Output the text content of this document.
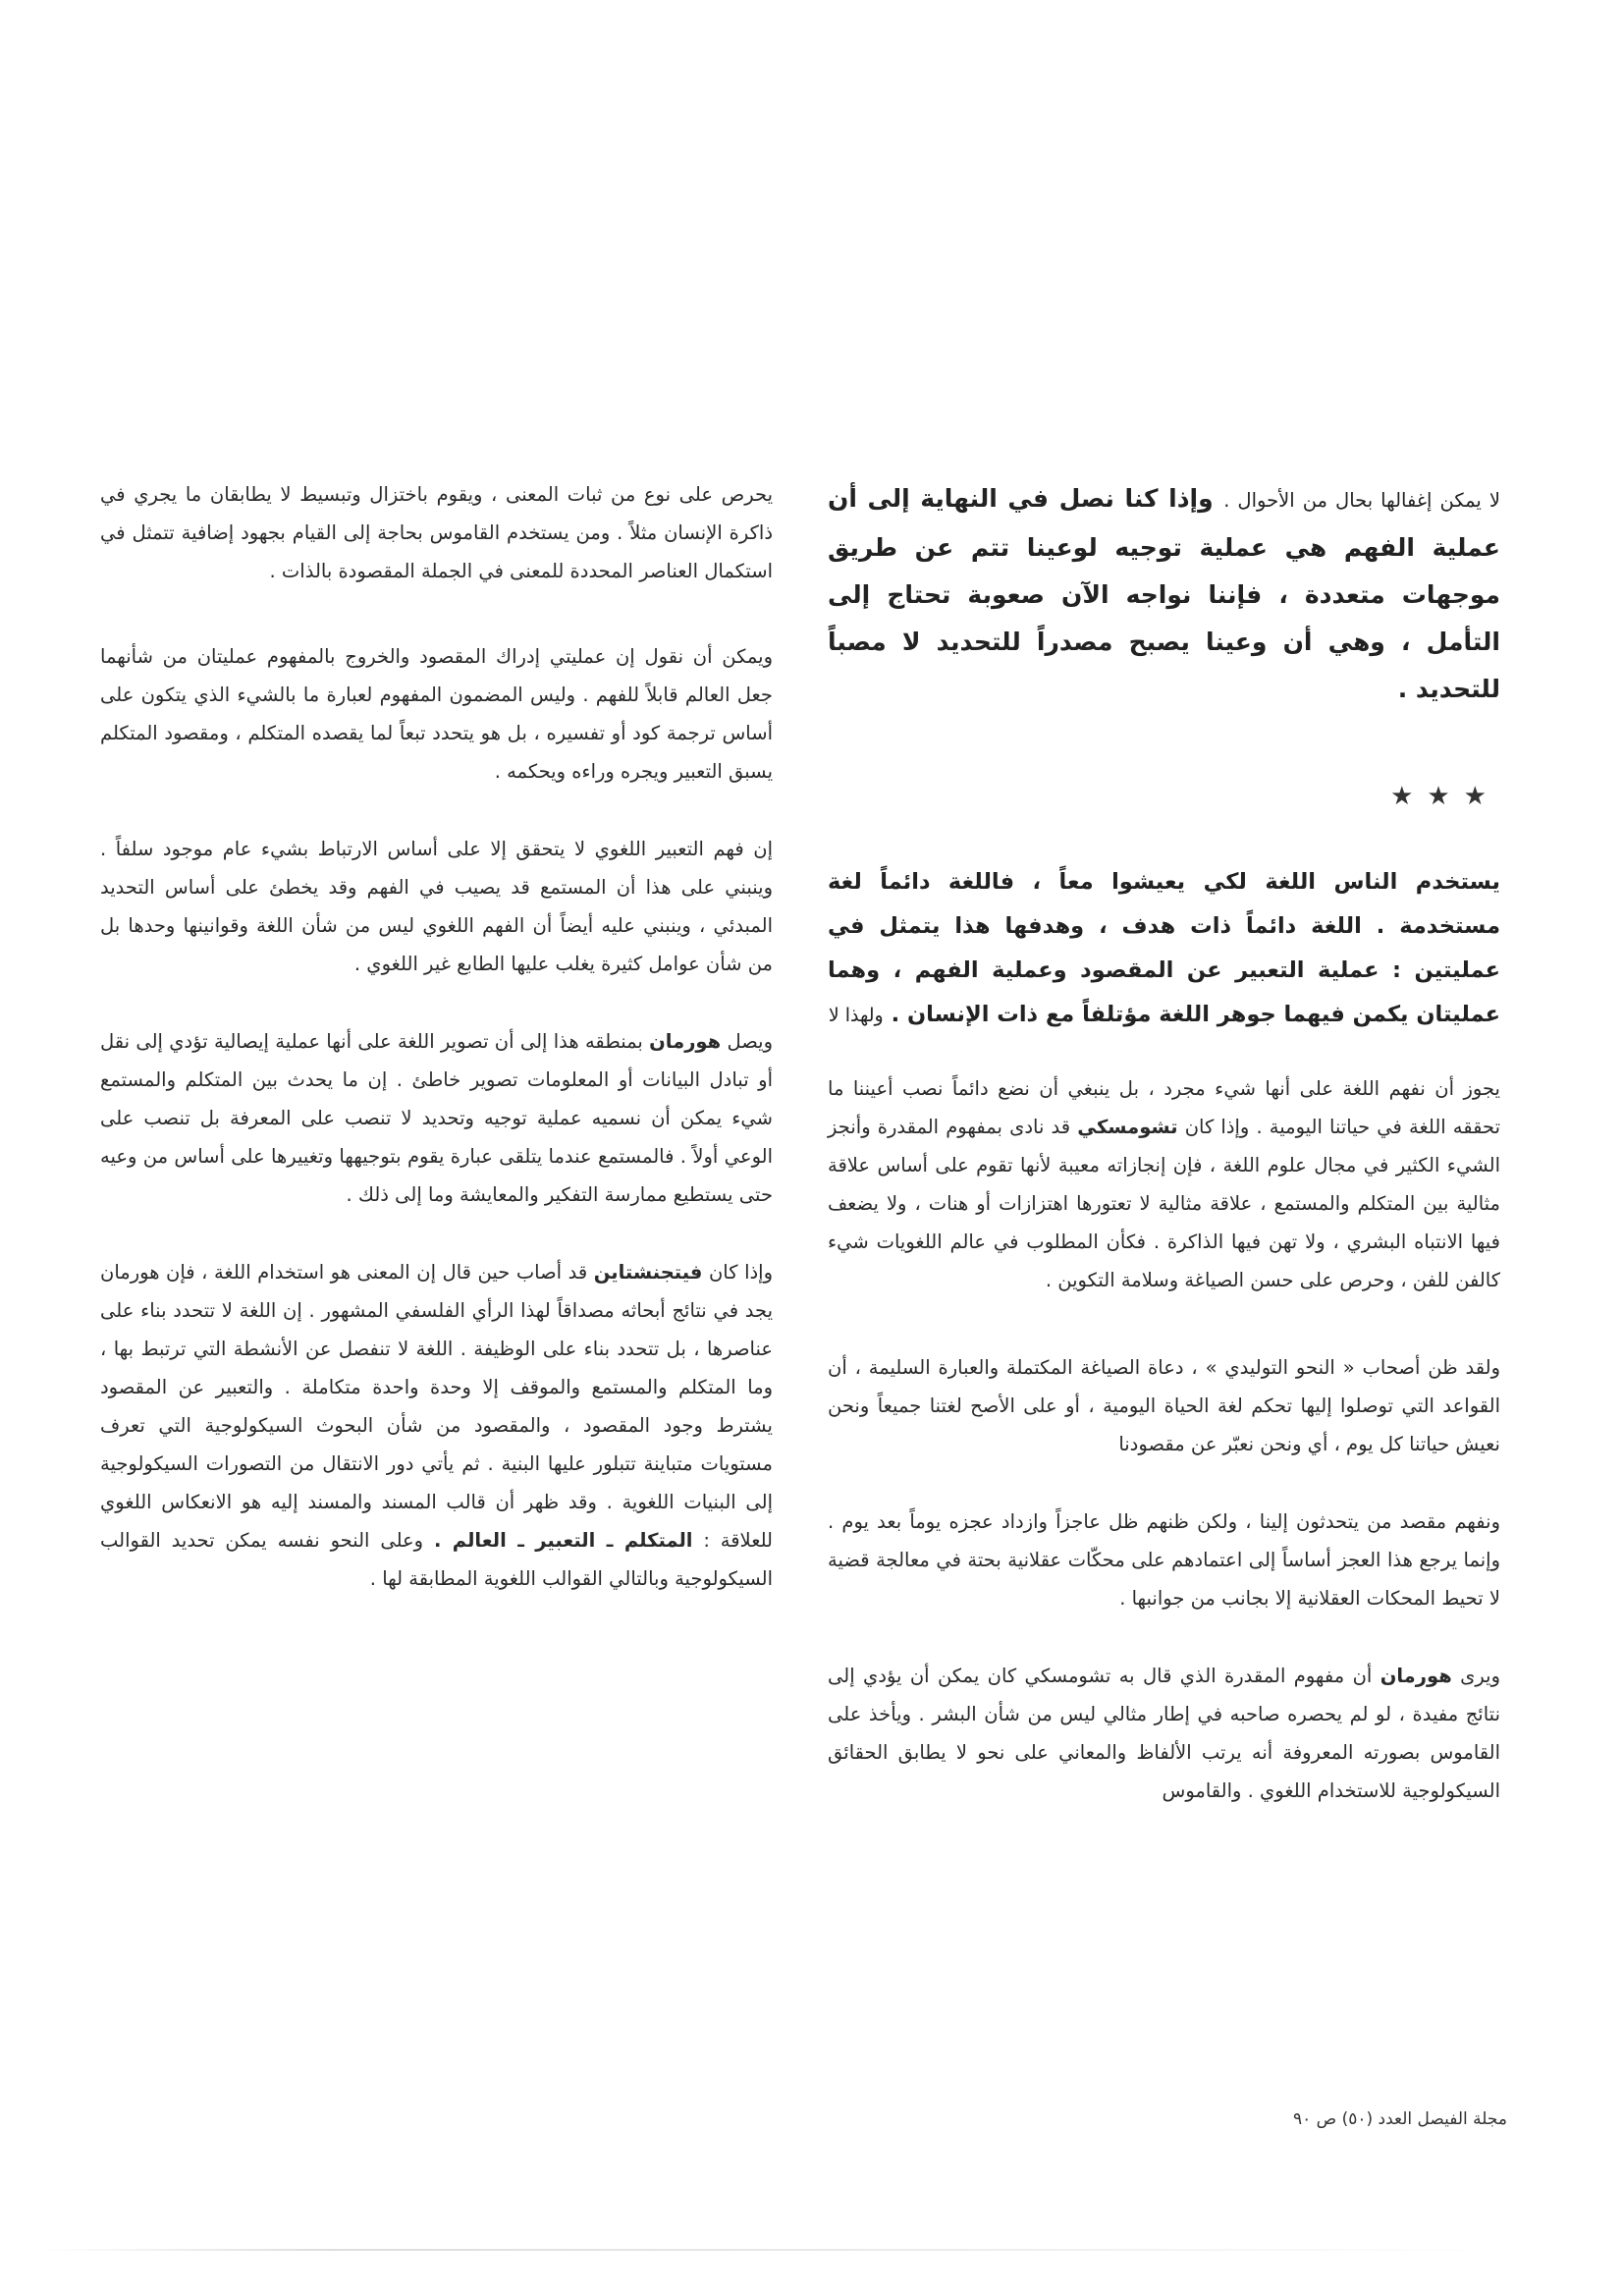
لا يمكن إغفالها بحال من الأحوال . وإذا كنا نصل في النهاية إلى أن عملية الفهم هي عملية توجيه لوعينا تتم عن طريق موجهات متعددة ، فإننا نواجه الآن صعوبة تحتاج إلى التأمل ، وهي أن وعينا يصبح مصدراً للتحديد لا مصباً للتحديد .

★★★

يستخدم الناس اللغة لكي يعيشوا معاً ، فاللغة دائماً لغة مستخدمة . اللغة دائماً ذات هدف ، وهدفها هذا يتمثل في عمليتين : عملية التعبير عن المقصود وعملية الفهم ، وهما عمليتان يكمن فيهما جوهر اللغة مؤتلفاً مع ذات الإنسان . ولهذا لا

يجوز أن نفهم اللغة على أنها شيء مجرد ، بل ينبغي أن نضع دائماً نصب أعيننا ما تحققه اللغة في حياتنا اليومية . وإذا كان تشومسكي قد نادى بمفهوم المقدرة وأنجز الشيء الكثير في مجال علوم اللغة ، فإن إنجازاته معيبة لأنها تقوم على أساس علاقة مثالية بين المتكلم والمستمع ، علاقة مثالية لا تعتورها اهتزازات أو هنات ، ولا يضعف فيها الانتباه البشري ، ولا تهن فيها الذاكرة . فكأن المطلوب في عالم اللغويات شيء كالفن للفن ، وحرص على حسن الصياغة وسلامة التكوين .

ولقد ظن أصحاب « النحو التوليدي » ، دعاة الصياغة المكتملة والعبارة السليمة ، أن القواعد التي توصلوا إليها تحكم لغة الحياة اليومية ، أو على الأصح لغتنا جميعاً ونحن نعيش حياتنا كل يوم ، أي ونحن نعبّر عن مقصودنا

ونفهم مقصد من يتحدثون إلينا ، ولكن ظنهم ظل عاجزاً وازداد عجزه يوماً بعد يوم . وإنما يرجع هذا العجز أساساً إلى اعتمادهم على محكّات عقلانية بحتة في معالجة قضية لا تحيط المحكات العقلانية إلا بجانب من جوانبها .

ويرى هورمان أن مفهوم المقدرة الذي قال به تشومسكي كان يمكن أن يؤدي إلى نتائج مفيدة ، لو لم يحصره صاحبه في إطار مثالي ليس من شأن البشر . ويأخذ على القاموس بصورته المعروفة أنه يرتب الألفاظ والمعاني على نحو لا يطابق الحقائق السيكولوجية للاستخدام اللغوي . والقاموس

يحرص على نوع من ثبات المعنى ، ويقوم باختزال وتبسيط لا يطابقان ما يجري في ذاكرة الإنسان مثلاً . ومن يستخدم القاموس بحاجة إلى القيام بجهود إضافية تتمثل في استكمال العناصر المحددة للمعنى في الجملة المقصودة بالذات .

ويمكن أن نقول إن عمليتي إدراك المقصود والخروج بالمفهوم عمليتان من شأنهما جعل العالم قابلاً للفهم . وليس المضمون المفهوم لعبارة ما بالشيء الذي يتكون على أساس ترجمة كود أو تفسيره ، بل هو يتحدد تبعاً لما يقصده المتكلم ، ومقصود المتكلم يسبق التعبير ويجره وراءه ويحكمه .

إن فهم التعبير اللغوي لا يتحقق إلا على أساس الارتباط بشيء عام موجود سلفاً . وينبني على هذا أن المستمع قد يصيب في الفهم وقد يخطئ على أساس التحديد المبدئي ، وينبني عليه أيضاً أن الفهم اللغوي ليس من شأن اللغة وقوانينها وحدها بل من شأن عوامل كثيرة يغلب عليها الطابع غير اللغوي .

ويصل هورمان بمنطقه هذا إلى أن تصوير اللغة على أنها عملية إيصالية تؤدي إلى نقل أو تبادل البيانات أو المعلومات تصوير خاطئ . إن ما يحدث بين المتكلم والمستمع شيء يمكن أن نسميه عملية توجيه وتحديد لا تنصب على المعرفة بل تنصب على الوعي أولاً . فالمستمع عندما يتلقى عبارة يقوم بتوجيهها وتغييرها على أساس من وعيه حتى يستطيع ممارسة التفكير والمعايشة وما إلى ذلك .

وإذا كان فيتجنشتاين قد أصاب حين قال إن المعنى هو استخدام اللغة ، فإن هورمان يجد في نتائج أبحاثه مصداقاً لهذا الرأي الفلسفي المشهور . إن اللغة لا تتحدد بناء على عناصرها ، بل تتحدد بناء على الوظيفة . اللغة لا تنفصل عن الأنشطة التي ترتبط بها ، وما المتكلم والمستمع والموقف إلا وحدة واحدة متكاملة . والتعبير عن المقصود يشترط وجود المقصود ، والمقصود من شأن البحوث السيكولوجية التي تعرف مستويات متباينة تتبلور عليها البنية . ثم يأتي دور الانتقال من التصورات السيكولوجية إلى البنيات اللغوية . وقد ظهر أن قالب المسند والمسند إليه هو الانعكاس اللغوي للعلاقة : المتكلم ـ التعبير ـ العالم . وعلى النحو نفسه يمكن تحديد القوالب السيكولوجية وبالتالي القوالب اللغوية المطابقة لها .

مجلة الفيصل العدد (٥٠) ص ٩٠
